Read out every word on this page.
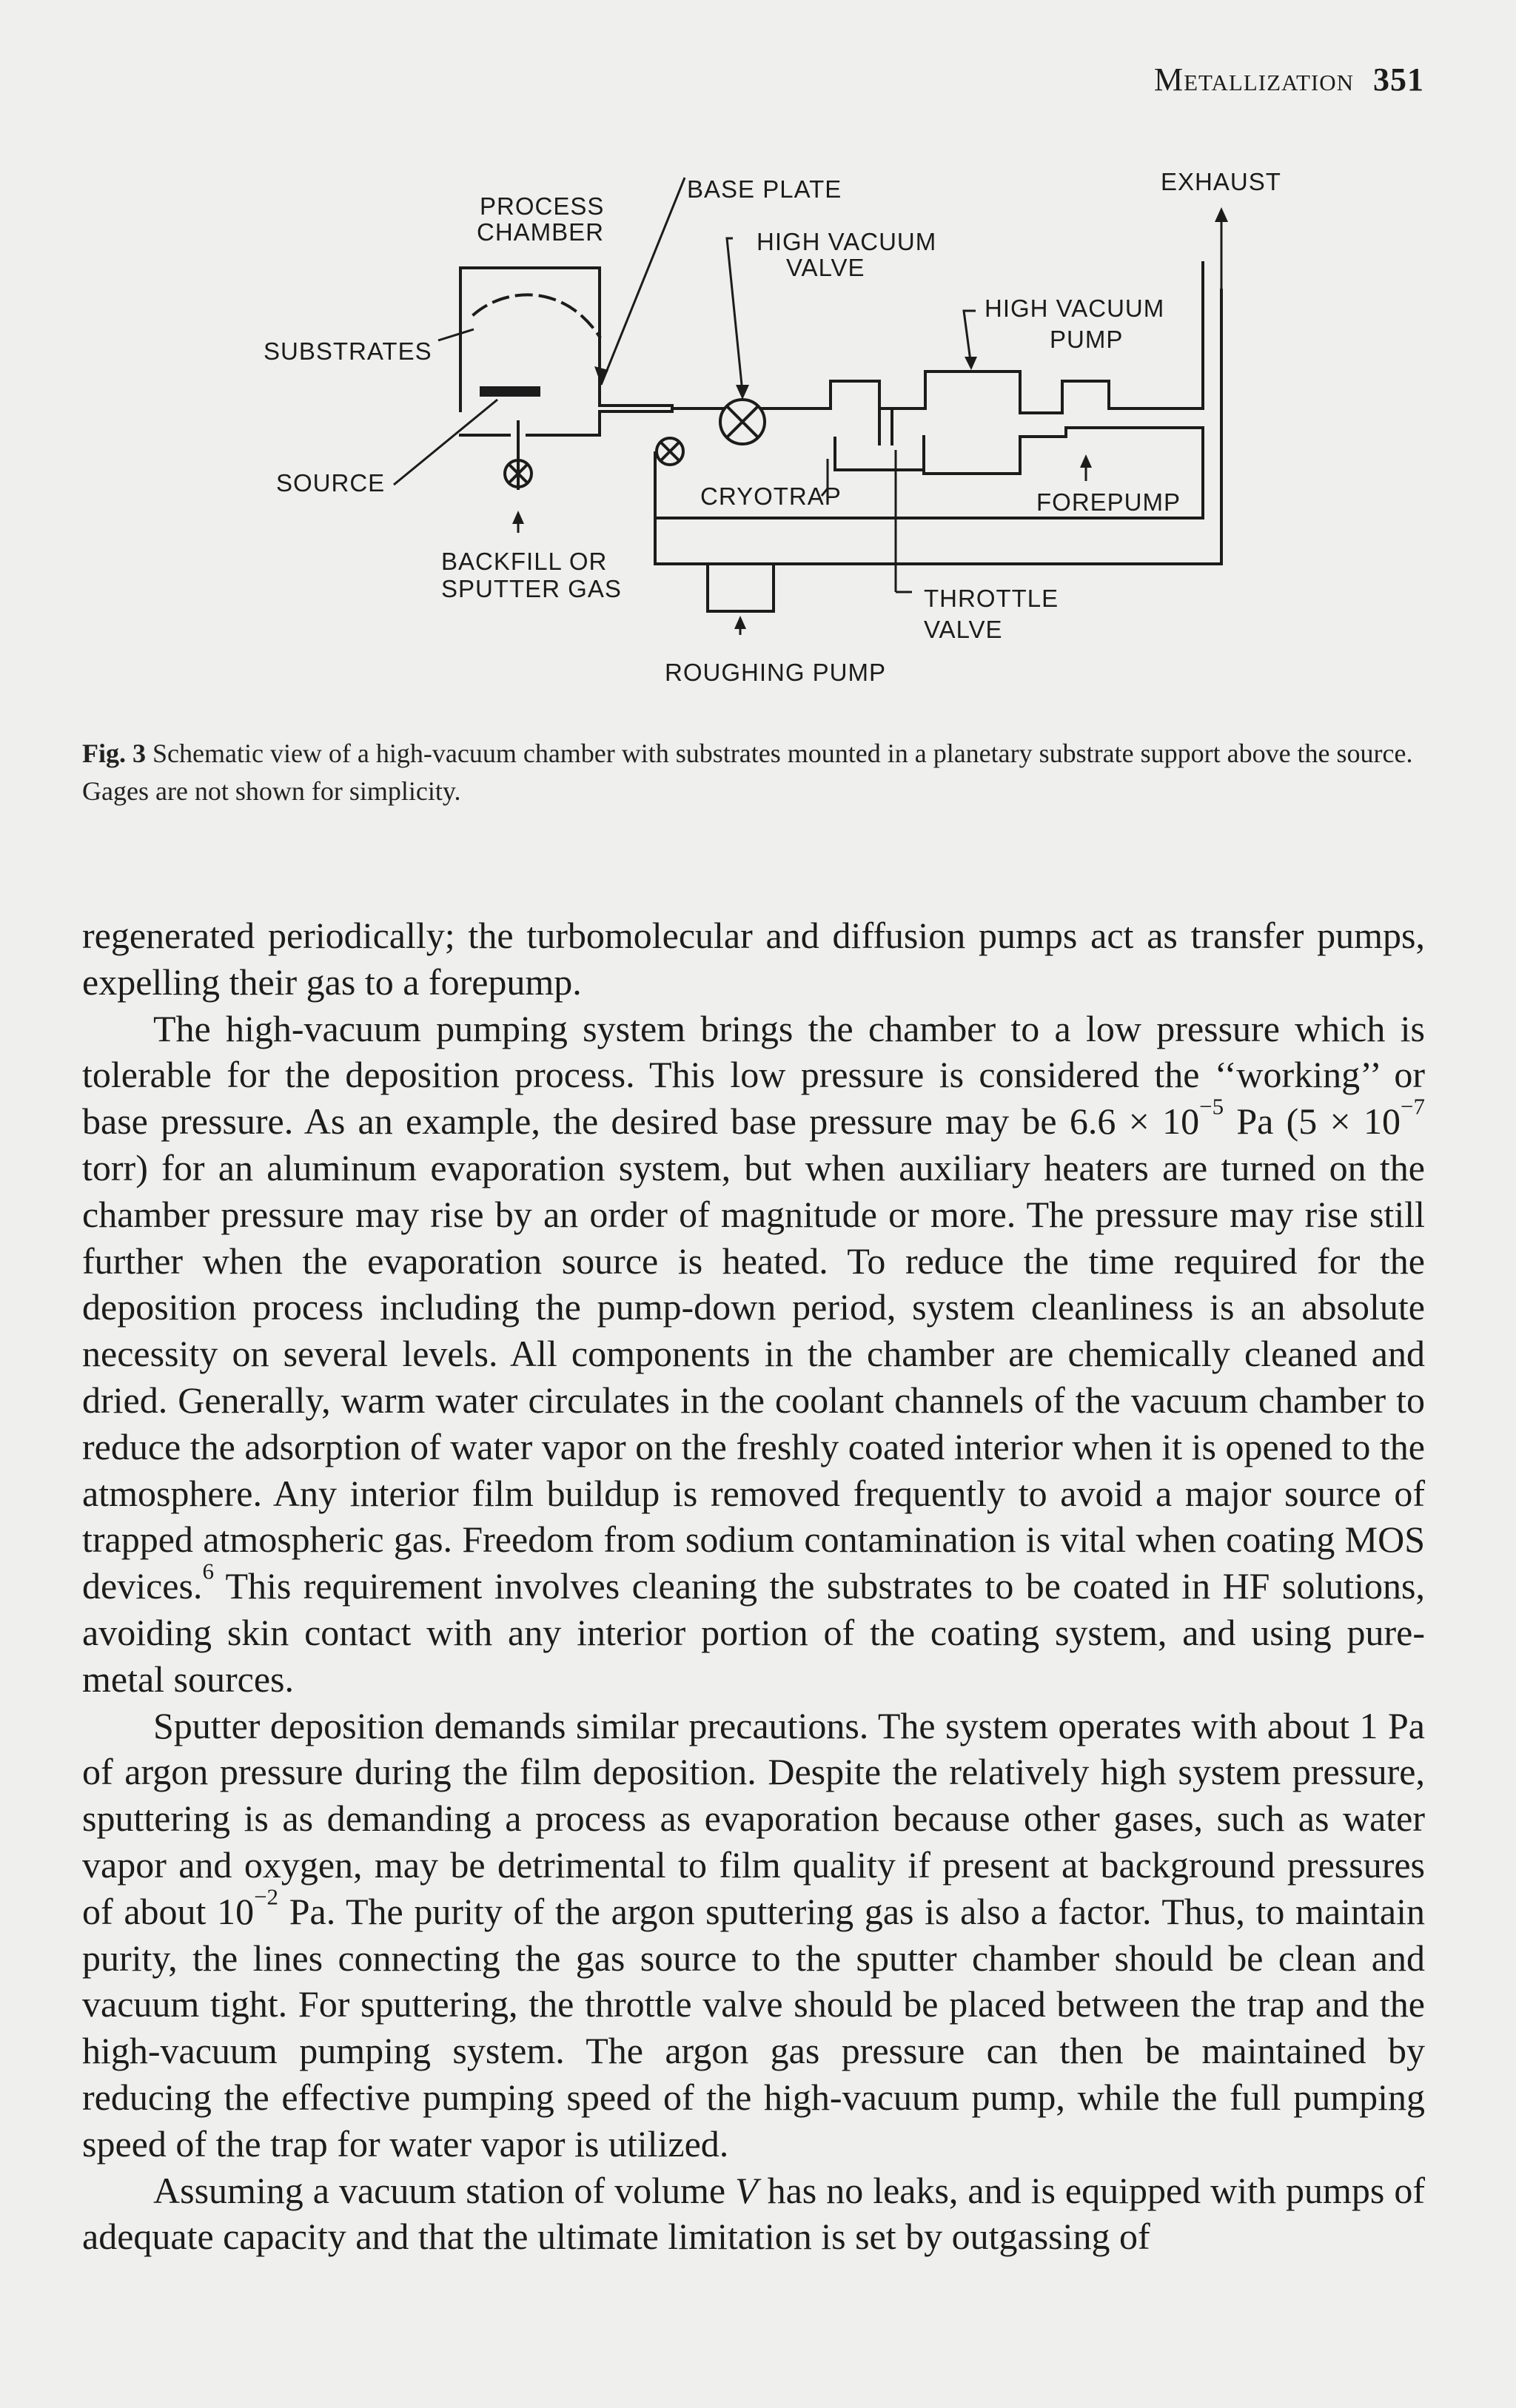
Metallization 351
PROCESS
CHAMBER
BASE PLATE
HIGH VACUUM
VALVE
EXHAUST
HIGH VACUUM
PUMP
SUBSTRATES
SOURCE	CRYOTRAP	FOREPUMP
BACKFILL OR
SPUTTER GAS	THROTTLE
VALVE
ROUGHING PUMP
Fig. 3 Schematic view of a high-vacuum chamber with substrates mounted in a planetary substrate support above the source. Gages are not shown for simplicity.

regenerated periodically; the turbomolecular and diffusion pumps act as transfer pumps, expelling their gas to a forepump.

The high-vacuum pumping system brings the chamber to a low pressure which is tolerable for the deposition process. This low pressure is considered the ‘‘working’’ or base pressure. As an example, the desired base pressure may be $6.6 \times 10^{-5}$ Pa ($5 \times 10^{-7}$ torr) for an aluminum evaporation system, but when auxiliary heaters are turned on the chamber pressure may rise by an order of magnitude or more. The pressure may rise still further when the evaporation source is heated. To reduce the time required for the deposition process including the pump-down period, system cleanliness is an absolute necessity on several levels. All components in the chamber are chemically cleaned and dried. Generally, warm water circulates in the coolant channels of the vacuum chamber to reduce the adsorption of water vapor on the freshly coated interior when it is opened to the atmosphere. Any interior film buildup is removed frequently to avoid a major source of trapped atmospheric gas. Freedom from sodium contamination is vital when coating MOS devices.$^6$ This requirement involves cleaning the substrates to be coated in HF solutions, avoiding skin contact with any interior portion of the coating system, and using pure-metal sources.

Sputter deposition demands similar precautions. The system operates with about 1 Pa of argon pressure during the film deposition. Despite the relatively high system pressure, sputtering is as demanding a process as evaporation because other gases, such as water vapor and oxygen, may be detrimental to film quality if present at background pressures of about $10^{-2}$ Pa. The purity of the argon sputtering gas is also a factor. Thus, to maintain purity, the lines connecting the gas source to the sputter chamber should be clean and vacuum tight. For sputtering, the throttle valve should be placed between the trap and the high-vacuum pumping system. The argon gas pressure can then be maintained by reducing the effective pumping speed of the high-vacuum pump, while the full pumping speed of the trap for water vapor is utilized.

Assuming a vacuum station of volume V has no leaks, and is equipped with pumps of adequate capacity and that the ultimate limitation is set by outgassing of
